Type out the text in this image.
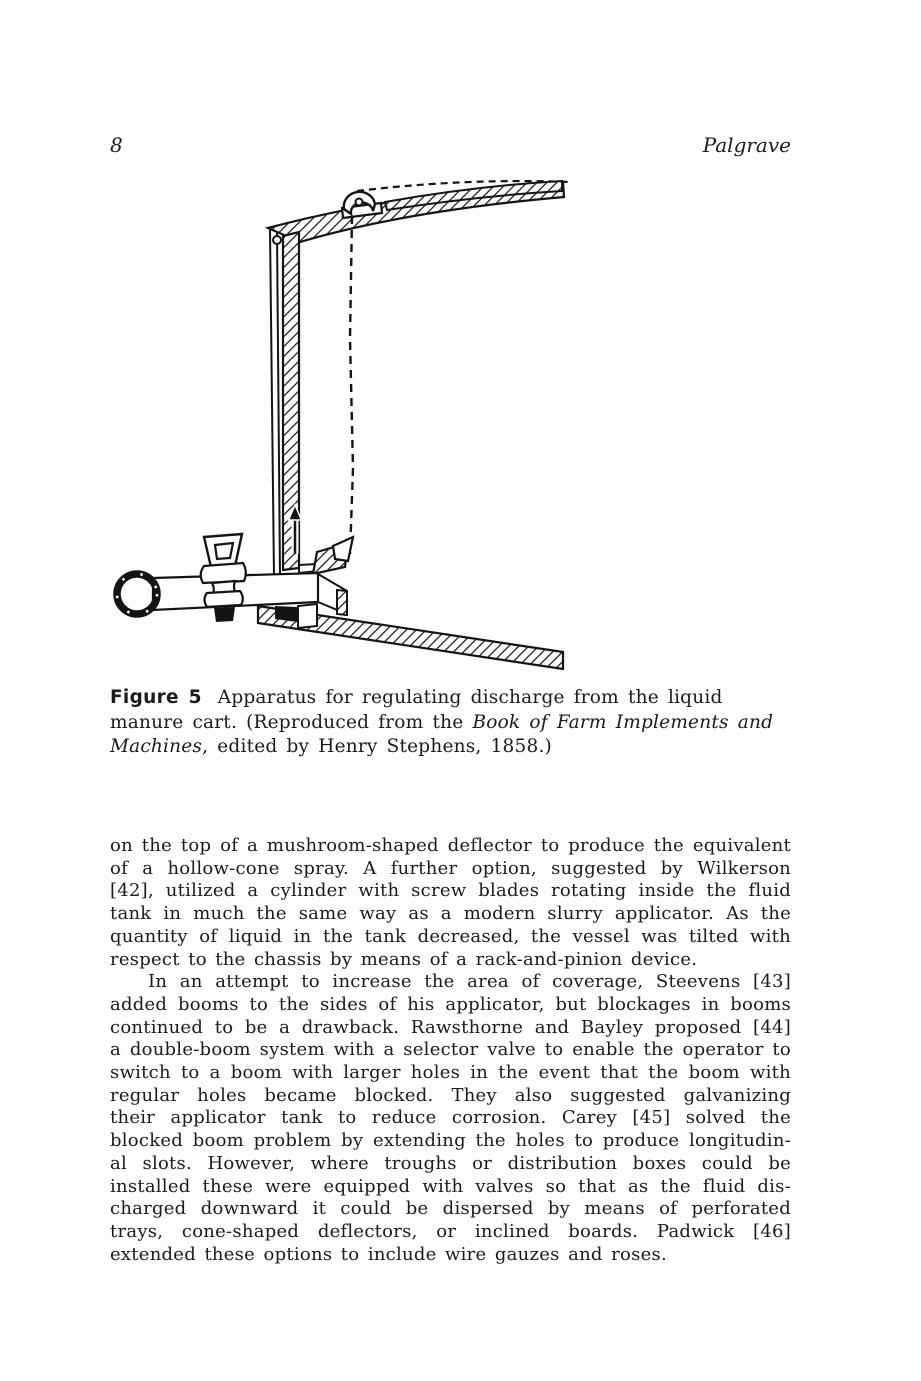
8	Palgrave
Figure 5 Apparatus for regulating discharge from the liquid
manure cart. (Reproduced from the Book of Farm Implements and
Machines, edited by Henry Stephens, 1858.)
on the top of a mushroom-shaped deflector to produce the equivalent
of a hollow-cone spray. A further option, suggested by Wilkerson
[42], utilized a cylinder with screw blades rotating inside the fluid
tank in much the same way as a modern slurry applicator. As the
quantity of liquid in the tank decreased, the vessel was tilted with
respect to the chassis by means of a rack-and-pinion device.
In an attempt to increase the area of coverage, Steevens [43]
added booms to the sides of his applicator, but blockages in booms
continued to be a drawback. Rawsthorne and Bayley proposed [44]
a double-boom system with a selector valve to enable the operator to
switch to a boom with larger holes in the event that the boom with
regular holes became blocked. They also suggested galvanizing
their applicator tank to reduce corrosion. Carey [45] solved the
blocked boom problem by extending the holes to produce longitudin-
al slots. However, where troughs or distribution boxes could be
installed these were equipped with valves so that as the fluid dis-
charged downward it could be dispersed by means of perforated
trays, cone-shaped deflectors, or inclined boards. Padwick [46]
extended these options to include wire gauzes and roses.
